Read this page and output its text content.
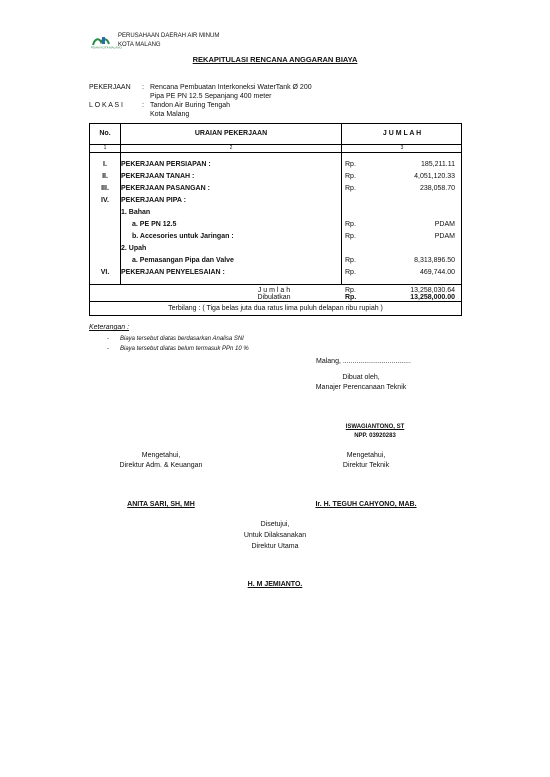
PDAM KOTA MALANG
PERUSAHAAN DAERAH AIR MINUM
KOTA MALANG
REKAPITULASI RENCANA ANGGARAN BIAYA
PEKERJAAN : Rencana Pembuatan Interkoneksi WaterTank Ø 200
Pipa PE PN 12.5 Sepanjang 400 meter
L O K A S I	: Tandon Air Buring Tengah
Kota Malang
No.	URAIAN PEKERJAAN	J U M L A H
1	2	3
I.	PEKERJAAN PERSIAPAN :	Rp.	185,211.11
II.	PEKERJAAN TANAH :	Rp.	4,051,120.33
III.	PEKERJAAN PASANGAN :	Rp.	238,058.70
IV.	PEKERJAAN PIPA :
1. Bahan
a. PE PN 12.5	Rp.	PDAM
b. Accesories untuk Jaringan :	Rp.	PDAM
2. Upah
a. Pemasangan Pipa dan Valve	Rp.	8,313,896.50
VI.	PEKERJAAN PENYELESAIAN :	Rp.	469,744.00
J u m l a h	Rp.	13,258,030.64
Dibulatkan	Rp.	13,258,000.00
Terbilang : ( Tiga belas juta dua ratus lima puluh delapan ribu rupiah )
Keterangan :
- Biaya tersebut diatas berdasarkan Analisa SNI
- Biaya tersebut diatas belum termasuk PPn 10 %
Malang, ...................................
Dibuat oleh,
Manajer Perencanaan Teknik
ISWAGIANTONO, ST
NPP. 03920283
Mengetahui,
Direktur Adm. & Keuangan
Mengetahui,
Direktur Teknik
ANITA SARI, SH, MH	Ir. H. TEGUH CAHYONO, MAB.
Disetujui,
Untuk Dilaksanakan
Direktur Utama
H. M JEMIANTO.
